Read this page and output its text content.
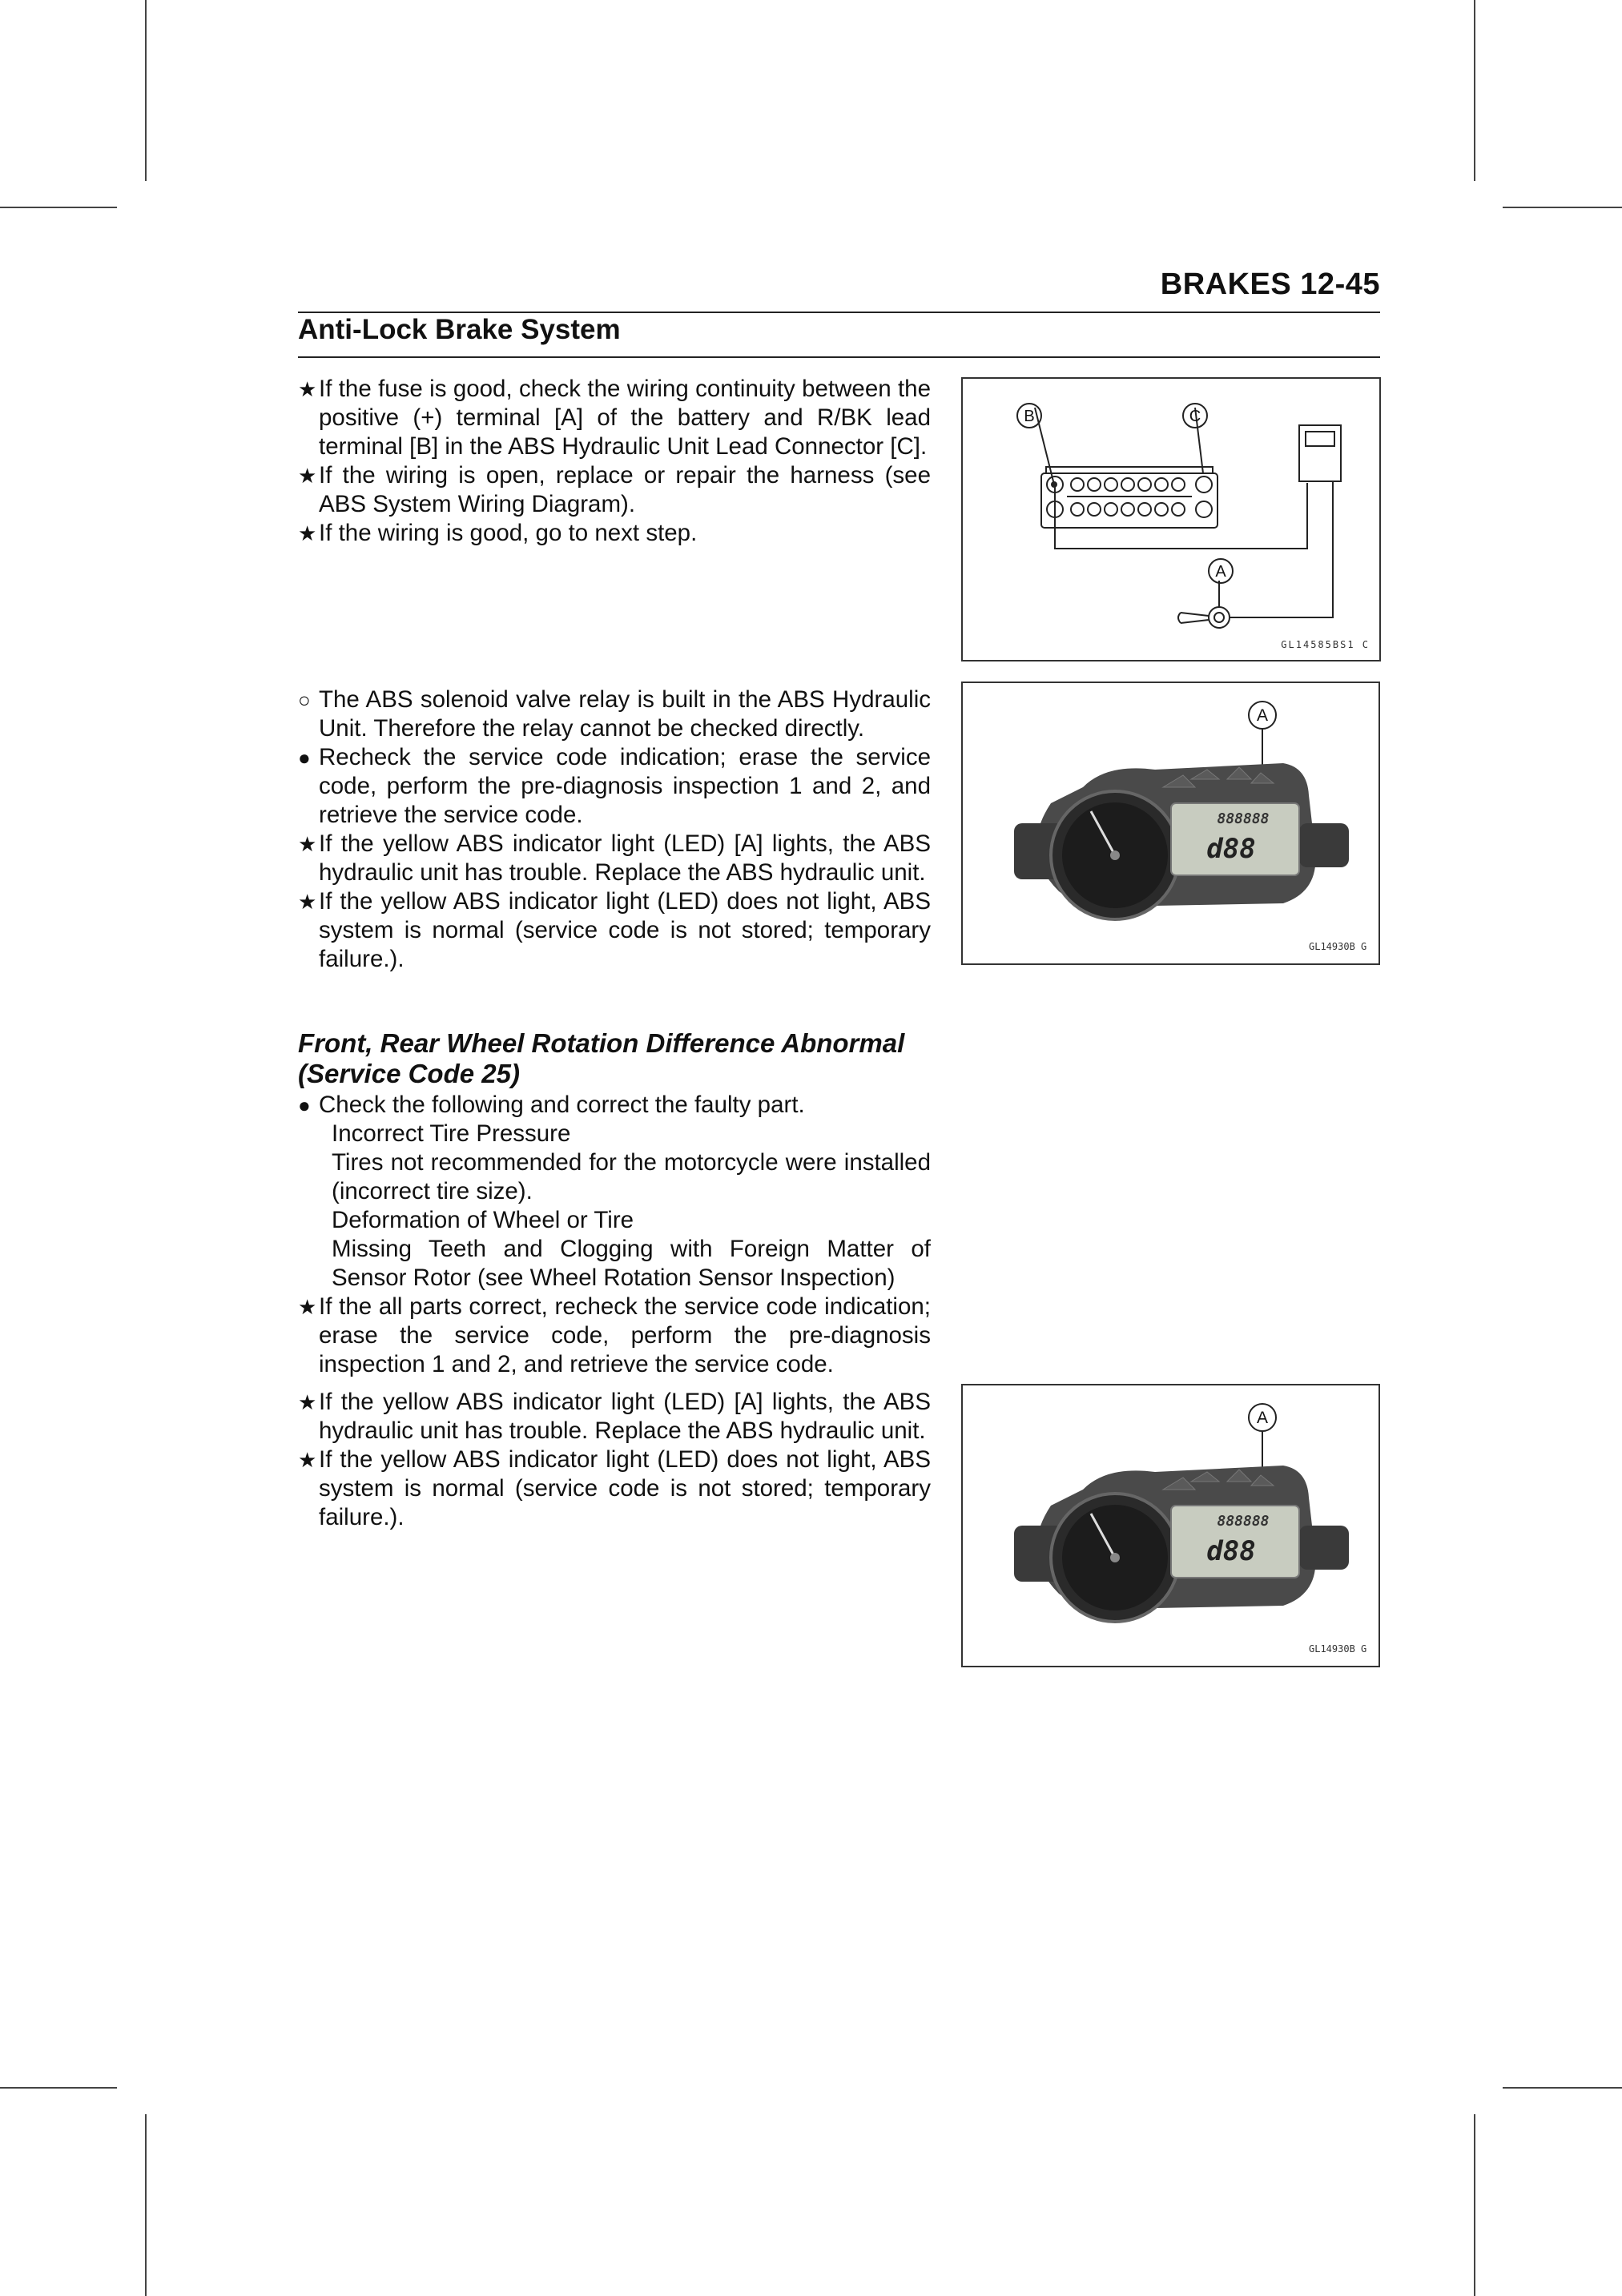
BRAKES 12-45
Anti-Lock Brake System
★ If the fuse is good, check the wiring continuity between the positive (+) terminal [A] of the battery and R/BK lead terminal [B] in the ABS Hydraulic Unit Lead Connector [C].
★ If the wiring is open, replace or repair the harness (see ABS System Wiring Diagram).
★ If the wiring is good, go to next step.
B	C
A
GL14585BS1 C
○ The ABS solenoid valve relay is built in the ABS Hydraulic Unit. Therefore the relay cannot be checked directly.
● Recheck the service code indication; erase the service code, perform the pre-diagnosis inspection 1 and 2, and retrieve the service code.
★ If the yellow ABS indicator light (LED) [A] lights, the ABS hydraulic unit has trouble. Replace the ABS hydraulic unit.
★ If the yellow ABS indicator light (LED) does not light, ABS system is normal (service code is not stored; temporary failure.).
A
888888
d88
GL14930B G
Front, Rear Wheel Rotation Difference Abnormal (Service Code 25)
● Check the following and correct the faulty part.
Incorrect Tire Pressure
Tires not recommended for the motorcycle were installed (incorrect tire size).
Deformation of Wheel or Tire
Missing Teeth and Clogging with Foreign Matter of Sensor Rotor (see Wheel Rotation Sensor Inspection)
★ If the all parts correct, recheck the service code indication; erase the service code, perform the pre-diagnosis inspection 1 and 2, and retrieve the service code.
★ If the yellow ABS indicator light (LED) [A] lights, the ABS hydraulic unit has trouble. Replace the ABS hydraulic unit.
★ If the yellow ABS indicator light (LED) does not light, ABS system is normal (service code is not stored; temporary failure.).
A
888888
d88
GL14930B G
